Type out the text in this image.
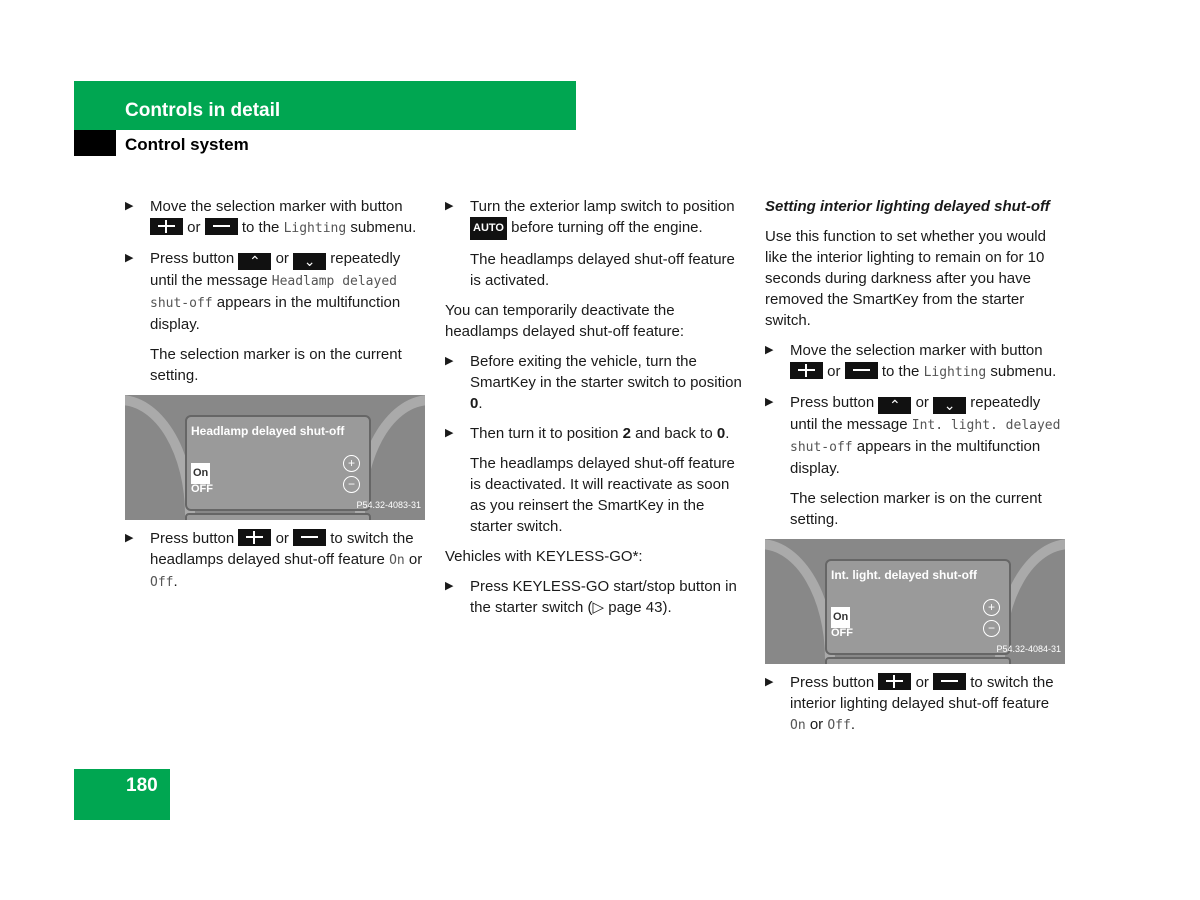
Controls in detail
Control system
▶ Move the selection marker with button  or	to the Lighting submenu.
▶ Press button ⌃ or ⌄ repeatedly until the message Headlamp delayed shut-off appears in the multifunction display.

The selection marker is on the current setting.

Headlamp delayed shut-off
On
OFF
+
−
P54.32-4083-31
▶ Press button	or	to switch the headlamps delayed shut-off feature On or Off.
▶ Turn the exterior lamp switch to position AUTO before turning off the engine.

The headlamps delayed shut-off feature is activated.

You can temporarily deactivate the headlamps delayed shut-off feature:

▶ Before exiting the vehicle, turn the SmartKey in the starter switch to position 0.
▶ Then turn it to position 2 and back to 0.

The headlamps delayed shut-off feature is deactivated. It will reactivate as soon as you reinsert the SmartKey in the starter switch.

Vehicles with KEYLESS-GO*:

▶ Press KEYLESS-GO start/stop button in the starter switch (▷ page 43).

Setting interior lighting delayed shut-off

Use this function to set whether you would like the interior lighting to remain on for 10 seconds during darkness after you have removed the SmartKey from the starter switch.

▶ Move the selection marker with button  or	to the Lighting submenu.
▶ Press button ⌃ or ⌄ repeatedly until the message Int. light. delayed shut-off appears in the multifunction display.

The selection marker is on the current setting.

Int. light. delayed shut-off
On
OFF
+
−
P54.32-4084-31
▶ Press button	or	to switch the interior lighting delayed shut-off feature On or Off.
180
